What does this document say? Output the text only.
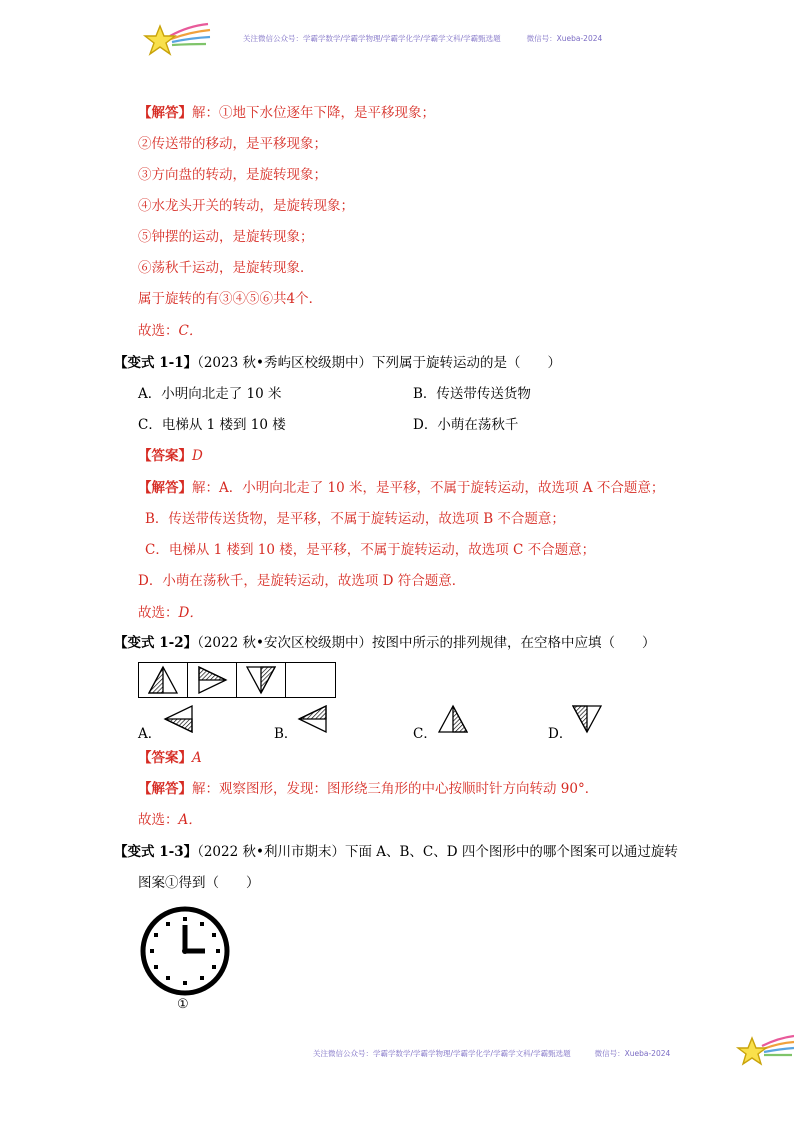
关注微信公众号：学霸学数学/学霸学物理/学霸学化学/学霸学文科/学霸甄选题	微信号：Xueba-2024
【解答】解：①地下水位逐年下降，是平移现象；
②传送带的移动，是平移现象；
③方向盘的转动，是旋转现象；
④水龙头开关的转动，是旋转现象；
⑤钟摆的运动，是旋转现象；
⑥荡秋千运动，是旋转现象．
属于旋转的有③④⑤⑥共4个．
故选：C．
【变式 1-1】（2023 秋•秀屿区校级期中）下列属于旋转运动的是（　　）
A．小明向北走了 10 米	B．传送带传送货物
C．电梯从 1 楼到 10 楼	D．小萌在荡秋千
【答案】D
【解答】解：A．小明向北走了 10 米，是平移，不属于旋转运动，故选项 A 不合题意；
B．传送带传送货物，是平移，不属于旋转运动，故选项 B 不合题意；
C．电梯从 1 楼到 10 楼，是平移，不属于旋转运动，故选项 C 不合题意；
D．小萌在荡秋千，是旋转运动，故选项 D 符合题意．
故选：D．
【变式 1-2】（2022 秋•安次区校级期中）按图中所示的排列规律，在空格中应填（　　）
A．	B．	C．	D．
【答案】A
【解答】解：观察图形，发现：图形绕三角形的中心按顺时针方向转动 90°．
故选：A．
【变式 1-3】（2022 秋•利川市期末）下面 A、B、C、D 四个图形中的哪个图案可以通过旋转
图案①得到（　　）
①
关注微信公众号：学霸学数学/学霸学物理/学霸学化学/学霸学文科/学霸甄选题	微信号：Xueba-2024
